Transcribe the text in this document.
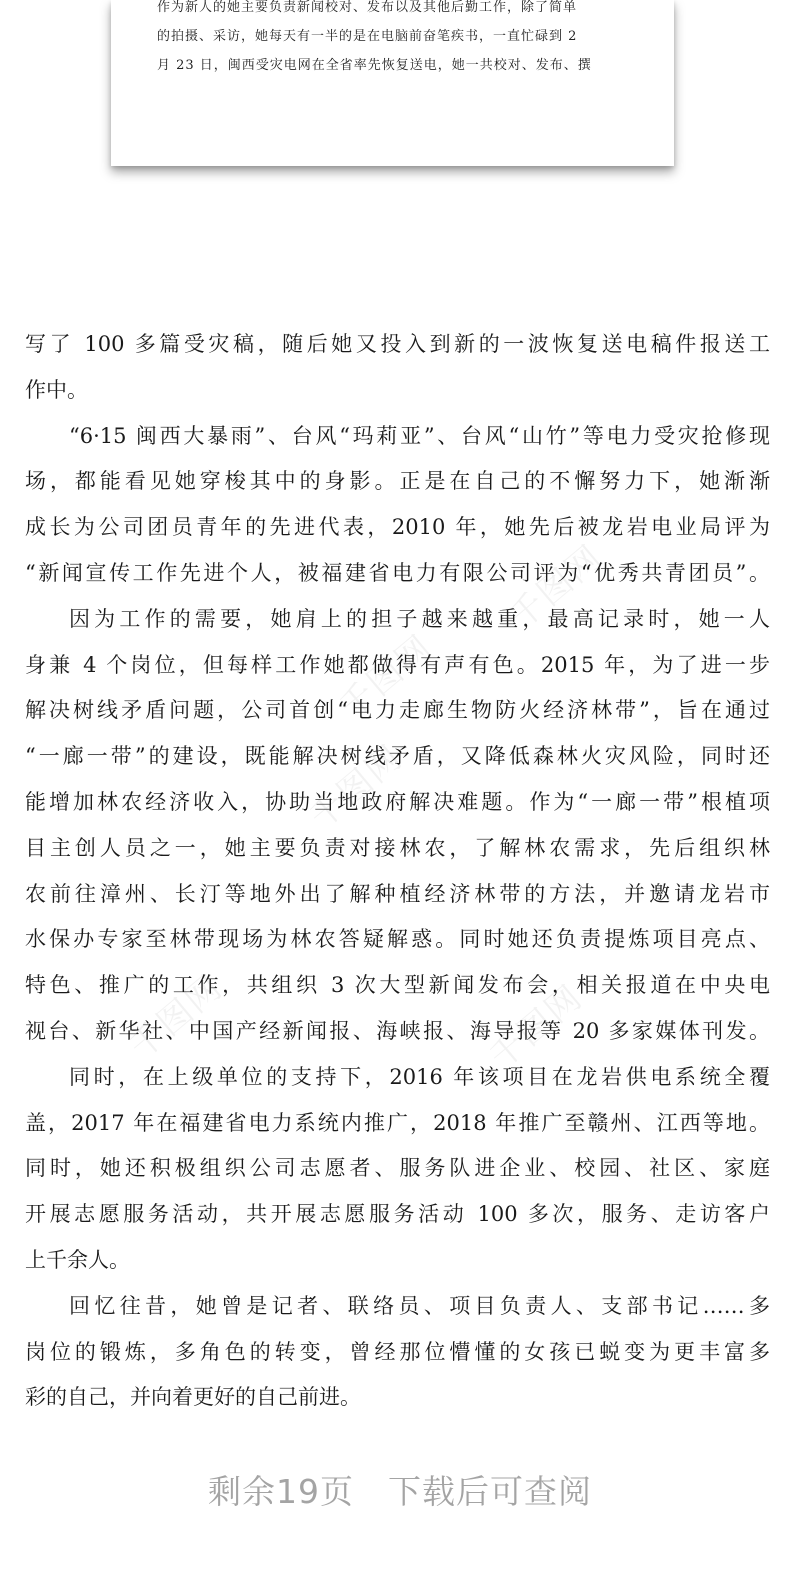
作为新人的她主要负责新闻校对、发布以及其他后勤工作，除了简单

的拍摄、采访，她每天有一半的是在电脑前奋笔疾书，一直忙碌到 2

月 23 日，闽西受灾电网在全省率先恢复送电，她一共校对、发布、撰

千图网
千图网
千图网
千图网
千图网
写了 100 多篇受灾稿，随后她又投入到新的一波恢复送电稿件报送工
作中。
“6·15 闽西大暴雨”、台风“玛莉亚”、台风“山竹”等电力受灾抢修现
场，都能看见她穿梭其中的身影。正是在自己的不懈努力下，她渐渐
成长为公司团员青年的先进代表，2010 年，她先后被龙岩电业局评为
“新闻宣传工作先进个人，被福建省电力有限公司评为“优秀共青团员”。
因为工作的需要，她肩上的担子越来越重，最高记录时，她一人
身兼 4 个岗位，但每样工作她都做得有声有色。2015 年，为了进一步
解决树线矛盾问题，公司首创“电力走廊生物防火经济林带”，旨在通过
“一廊一带”的建设，既能解决树线矛盾，又降低森林火灾风险，同时还
能增加林农经济收入，协助当地政府解决难题。作为“一廊一带”根植项
目主创人员之一，她主要负责对接林农，了解林农需求，先后组织林
农前往漳州、长汀等地外出了解种植经济林带的方法，并邀请龙岩市
水保办专家至林带现场为林农答疑解惑。同时她还负责提炼项目亮点、
特色、推广的工作，共组织 3 次大型新闻发布会，相关报道在中央电
视台、新华社、中国产经新闻报、海峡报、海导报等 20 多家媒体刊发。
同时，在上级单位的支持下，2016 年该项目在龙岩供电系统全覆
盖，2017 年在福建省电力系统内推广，2018 年推广至赣州、江西等地。
同时，她还积极组织公司志愿者、服务队进企业、校园、社区、家庭
开展志愿服务活动，共开展志愿服务活动 100 多次，服务、走访客户
上千余人。
回忆往昔，她曾是记者、联络员、项目负责人、支部书记……多
岗位的锻炼，多角色的转变，曾经那位懵懂的女孩已蜕变为更丰富多
彩的自己，并向着更好的自己前进。
剩余19页 下载后可查阅
